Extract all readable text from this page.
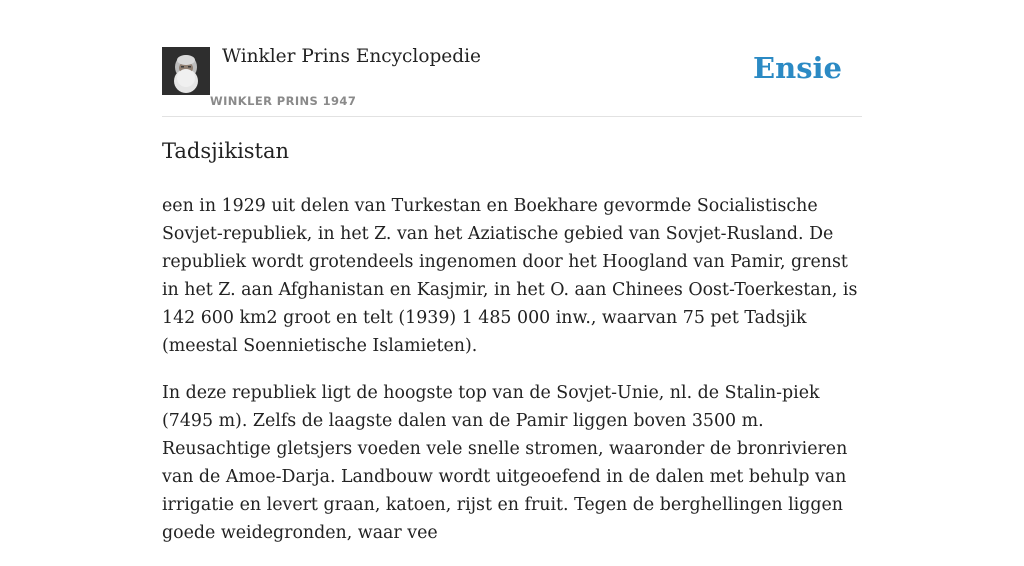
Winkler Prins Encyclopedie
WINKLER PRINS 1947
Ensie
Tadsjikistan

een in 1929 uit delen van Turkestan en Boekhare gevormde Socialistische Sovjet-republiek, in het Z. van het Aziatische gebied van Sovjet-Rusland. De republiek wordt grotendeels ingenomen door het Hoogland van Pamir, grenst in het Z. aan Afghanistan en Kasjmir, in het O. aan Chinees Oost-Toerkestan, is 142 600 km2 groot en telt (1939) 1 485 000 inw., waarvan 75 pet Tadsjik (meestal Soennietische Islamieten).

In deze republiek ligt de hoogste top van de Sovjet-Unie, nl. de Stalin-piek (7495 m). Zelfs de laagste dalen van de Pamir liggen boven 3500 m. Reusachtige gletsjers voeden vele snelle stromen, waaronder de bronrivieren van de Amoe-Darja. Landbouw wordt uitgeoefend in de dalen met behulp van irrigatie en levert graan, katoen, rijst en fruit. Tegen de berghellingen liggen goede weidegronden, waar vee
